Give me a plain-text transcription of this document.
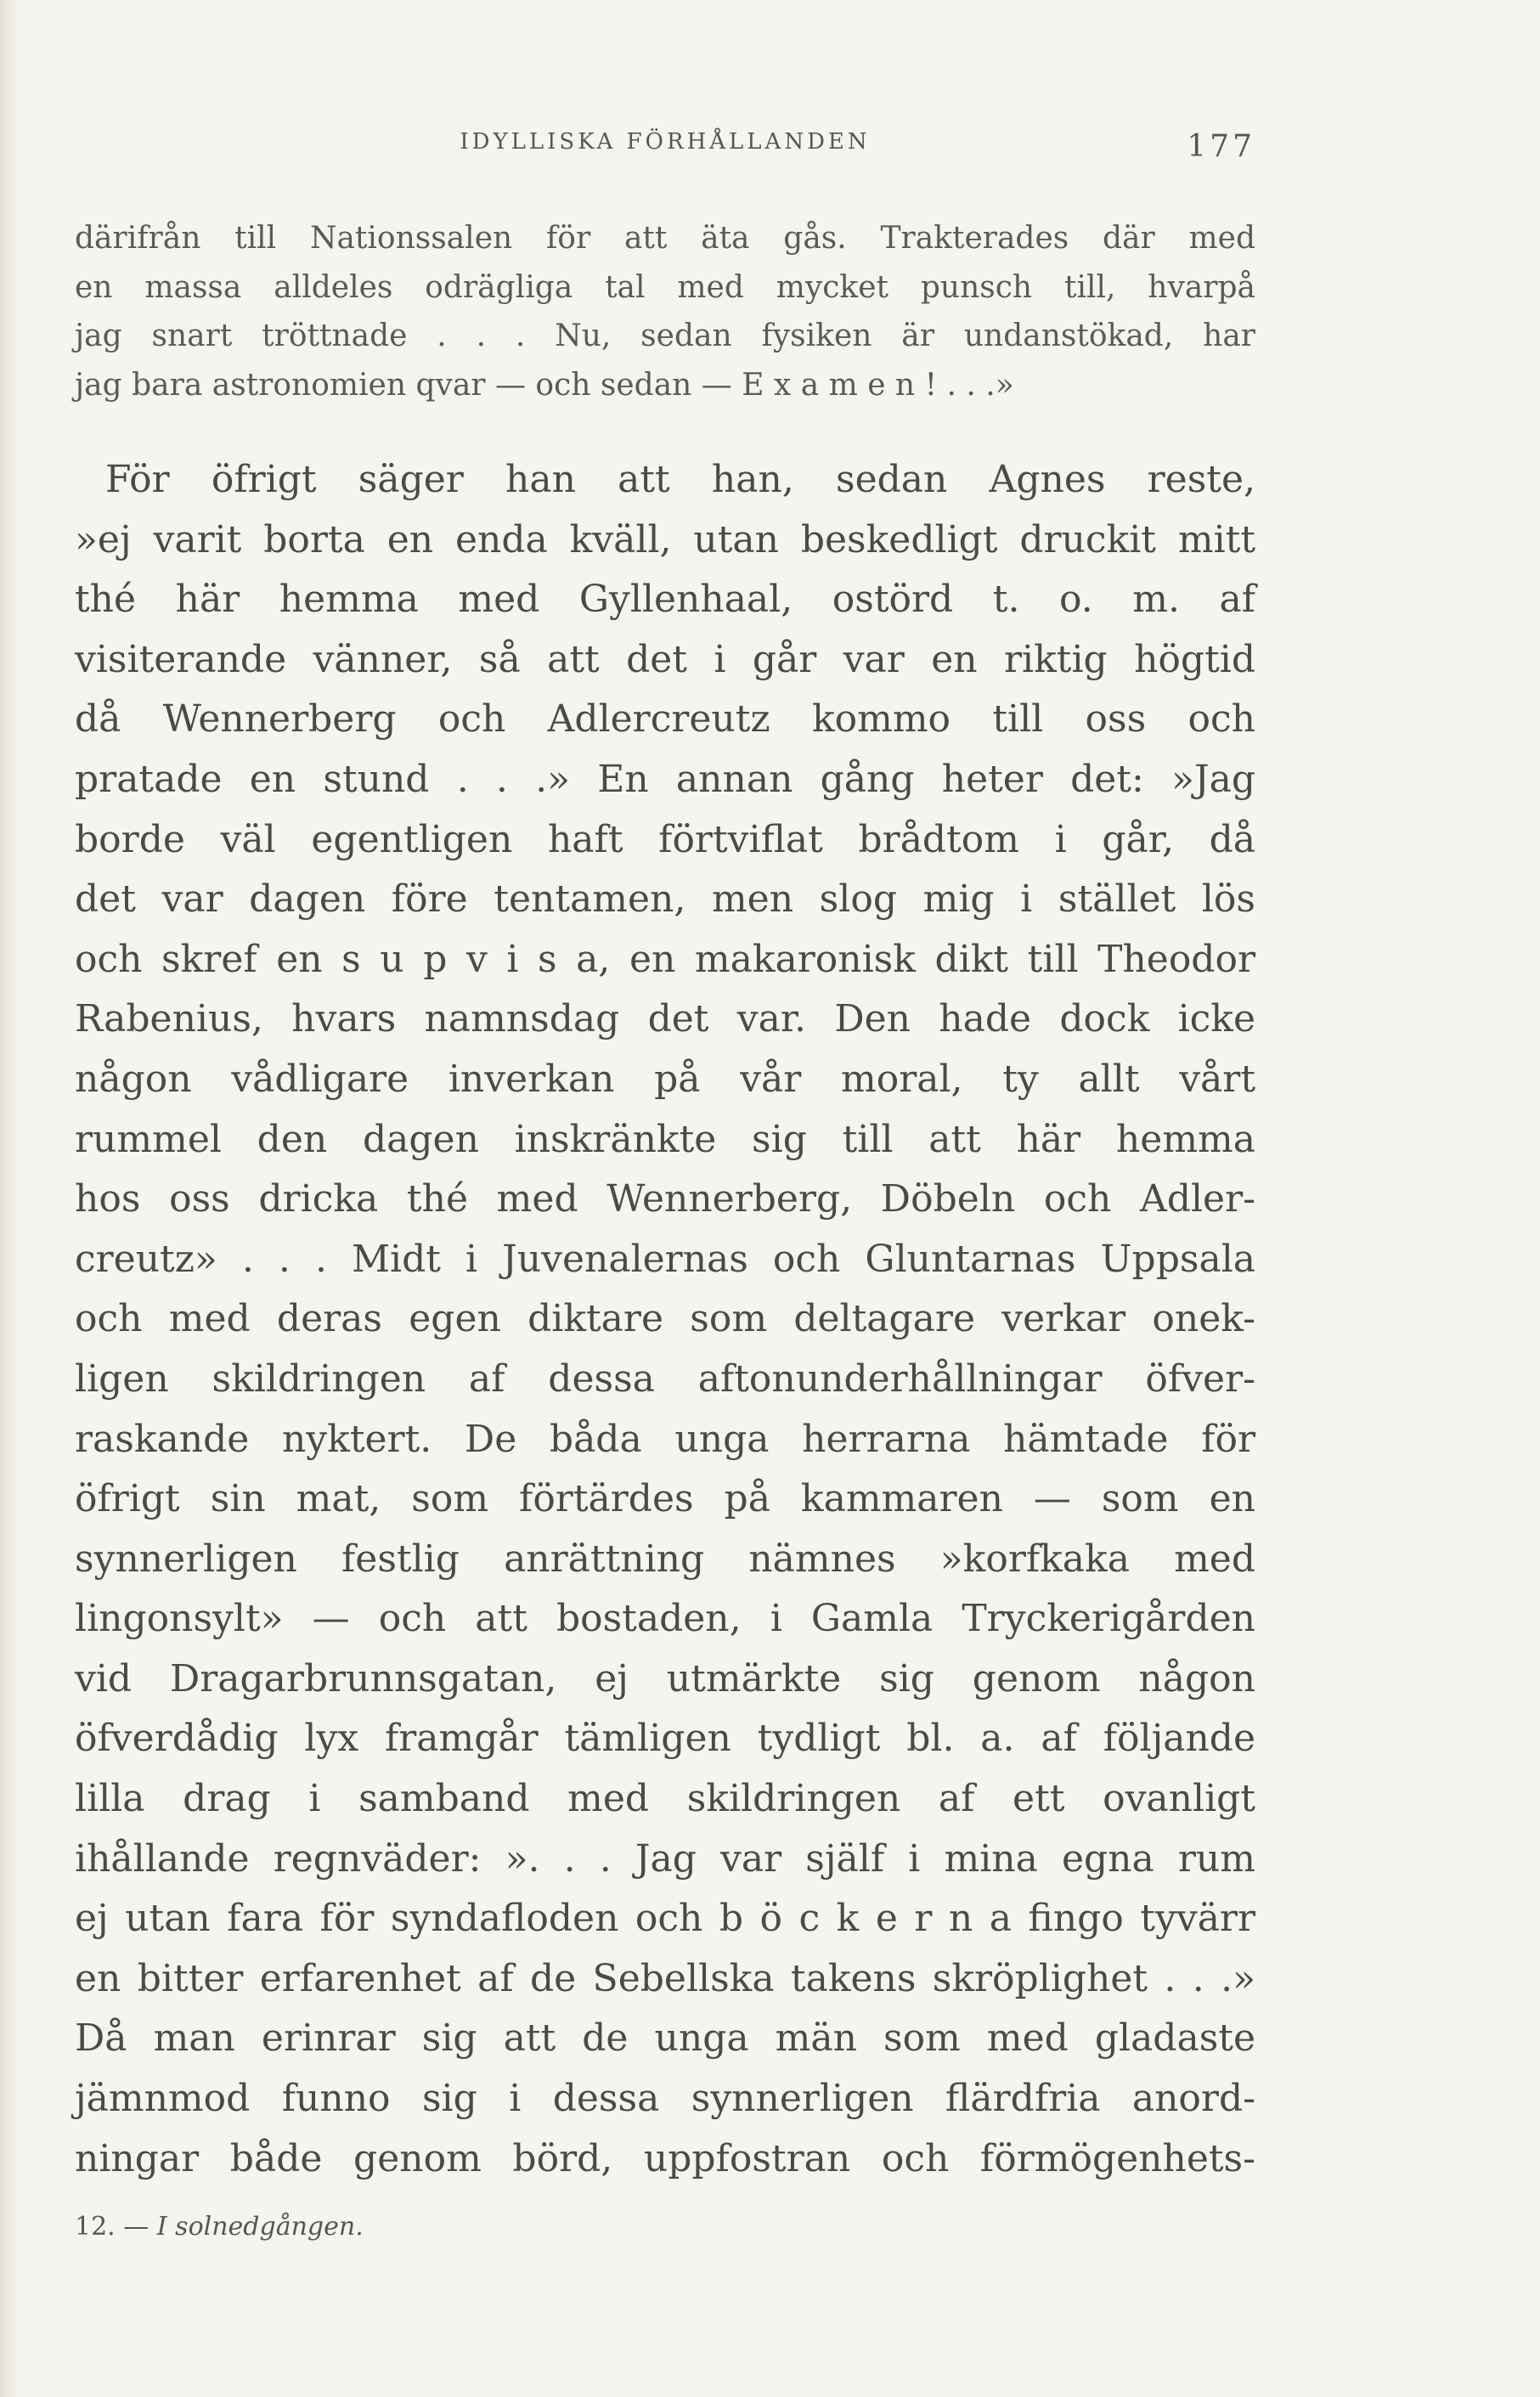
IDYLLISKA FÖRHÅLLANDEN	177
därifrån till Nationssalen för att äta gås. Trakterades där med
en massa alldeles odrägliga tal med mycket punsch till, hvarpå
jag snart tröttnade . . . Nu, sedan fysiken är undanstökad, har
jag bara astronomien qvar — och sedan — E x a m e n ! . . .»
För öfrigt säger han att han, sedan Agnes reste,
»ej varit borta en enda kväll, utan beskedligt druckit mitt
thé här hemma med Gyllenhaal, ostörd t. o. m. af
visiterande vänner, så att det i går var en riktig högtid
då Wennerberg och Adlercreutz kommo till oss och
pratade en stund . . .» En annan gång heter det: »Jag
borde väl egentligen haft förtviflat brådtom i går, då
det var dagen före tentamen, men slog mig i stället lös
och skref en s u p v i s a, en makaronisk dikt till Theodor
Rabenius, hvars namnsdag det var. Den hade dock icke
någon vådligare inverkan på vår moral, ty allt vårt
rummel den dagen inskränkte sig till att här hemma
hos oss dricka thé med Wennerberg, Döbeln och Adler-
creutz» . . . Midt i Juvenalernas och Gluntarnas Uppsala
och med deras egen diktare som deltagare verkar onek-
ligen skildringen af dessa aftonunderhållningar öfver-
raskande nyktert. De båda unga herrarna hämtade för
öfrigt sin mat, som förtärdes på kammaren — som en
synnerligen festlig anrättning nämnes »korfkaka med
lingonsylt» — och att bostaden, i Gamla Tryckerigården
vid Dragarbrunnsgatan, ej utmärkte sig genom någon
öfverdådig lyx framgår tämligen tydligt bl. a. af följande
lilla drag i samband med skildringen af ett ovanligt
ihållande regnväder: ». . . Jag var själf i mina egna rum
ej utan fara för syndafloden och b ö c k e r n a fingo tyvärr
en bitter erfarenhet af de Sebellska takens skröplighet . . .»
Då man erinrar sig att de unga män som med gladaste
jämnmod funno sig i dessa synnerligen flärdfria anord-
ningar både genom börd, uppfostran och förmögenhets-
12. — I solnedgången.
